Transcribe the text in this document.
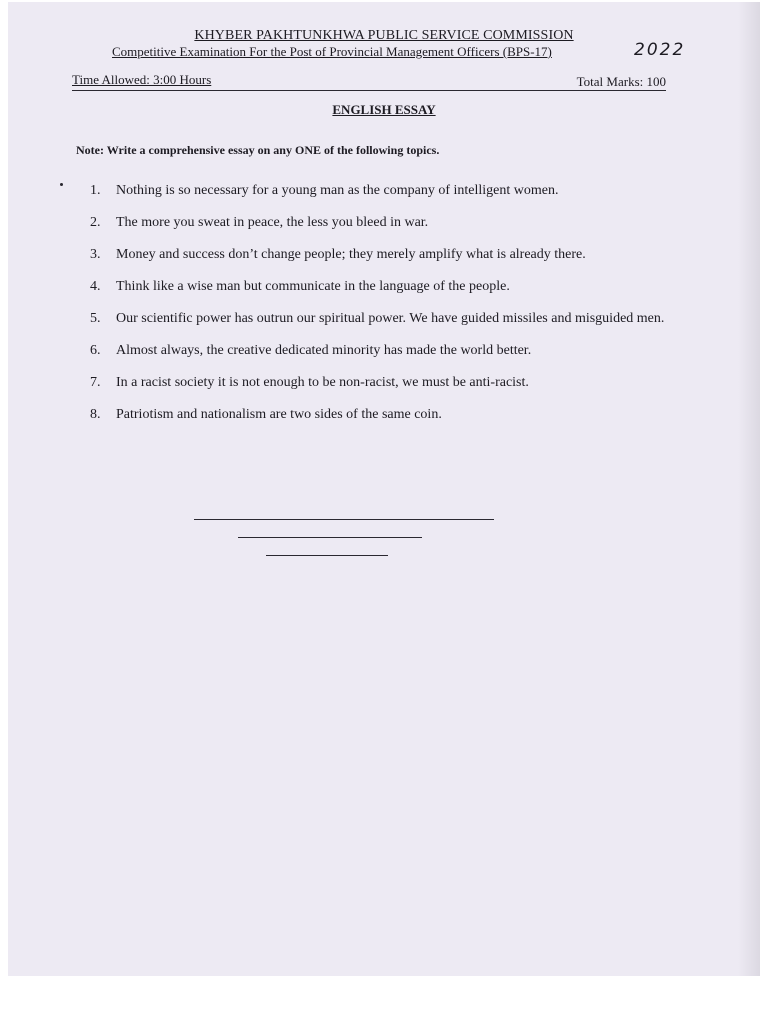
KHYBER PAKHTUNKHWA PUBLIC SERVICE COMMISSION
Competitive Examination For the Post of Provincial Management Officers (BPS-17)	2022
Time Allowed: 3:00 Hours	Total Marks: 100
ENGLISH ESSAY
Note: Write a comprehensive essay on any ONE of the following topics.
1. Nothing is so necessary for a young man as the company of intelligent women.
2. The more you sweat in peace, the less you bleed in war.
3. Money and success don’t change people; they merely amplify what is already there.
4. Think like a wise man but communicate in the language of the people.
5. Our scientific power has outrun our spiritual power. We have guided missiles and misguided men.
6. Almost always, the creative dedicated minority has made the world better.
7. In a racist society it is not enough to be non-racist, we must be anti-racist.
8. Patriotism and nationalism are two sides of the same coin.
